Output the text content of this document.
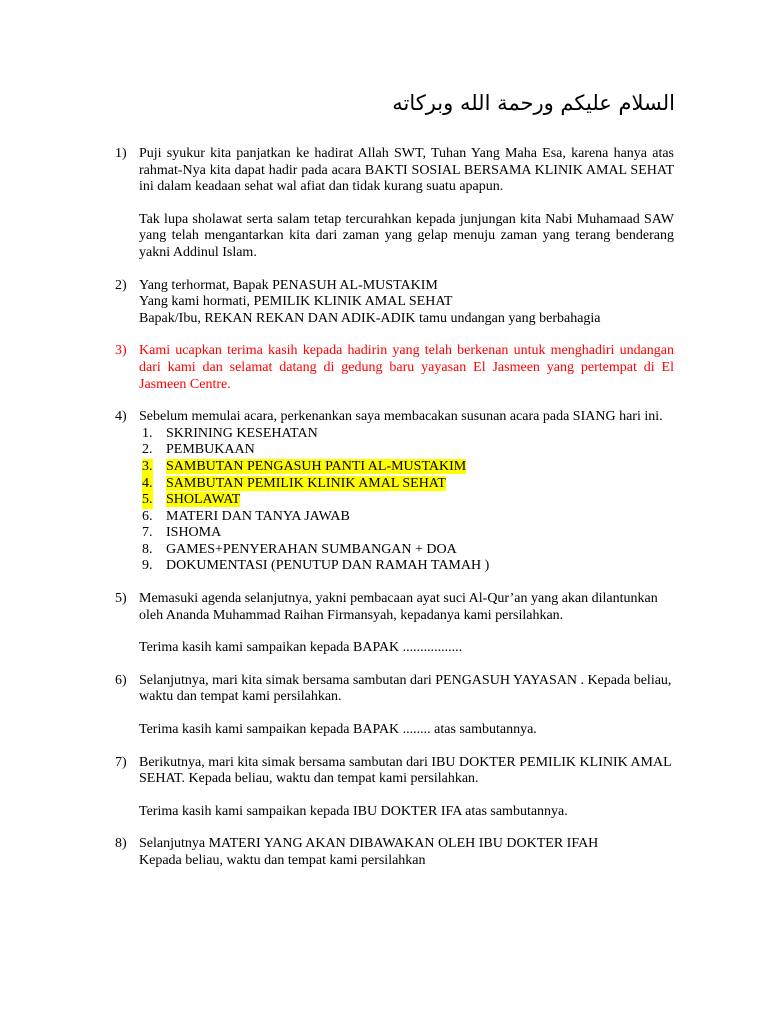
السلام عليكم ورحمة الله وبركاته
1) Puji syukur kita panjatkan ke hadirat Allah SWT, Tuhan Yang Maha Esa, karena hanya atas rahmat-Nya kita dapat hadir pada acara BAKTI SOSIAL BERSAMA KLINIK AMAL SEHAT ini dalam keadaan sehat wal afiat dan tidak kurang suatu apapun.

Tak lupa sholawat serta salam tetap tercurahkan kepada junjungan kita Nabi Muhamaad SAW yang telah mengantarkan kita dari zaman yang gelap menuju zaman yang terang benderang yakni Addinul Islam.

2) Yang terhormat, Bapak PENASUH AL-MUSTAKIM
Yang kami hormati, PEMILIK KLINIK AMAL SEHAT
Bapak/Ibu, REKAN REKAN DAN ADIK-ADIK tamu undangan yang berbahagia
3) Kami ucapkan terima kasih kepada hadirin yang telah berkenan untuk menghadiri undangan dari kami dan selamat datang di gedung baru yayasan El Jasmeen yang pertempat di El Jasmeen Centre.

4) Sebelum memulai acara, perkenankan saya membacakan susunan acara pada SIANG hari ini.
1. SKRINING KESEHATAN
2. PEMBUKAAN
3. SAMBUTAN PENGASUH PANTI AL-MUSTAKIM
4. SAMBUTAN PEMILIK KLINIK AMAL SEHAT
5. SHOLAWAT
6. MATERI DAN TANYA JAWAB
7. ISHOMA
8. GAMES+PENYERAHAN SUMBANGAN + DOA
9. DOKUMENTASI (PENUTUP DAN RAMAH TAMAH )
5) Memasuki agenda selanjutnya, yakni pembacaan ayat suci Al-Qur’an yang akan dilantunkan oleh Ananda Muhammad Raihan Firmansyah, kepadanya kami persilahkan.

Terima kasih kami sampaikan kepada BAPAK .................

6) Selanjutnya, mari kita simak bersama sambutan dari PENGASUH YAYASAN . Kepada beliau, waktu dan tempat kami persilahkan.

Terima kasih kami sampaikan kepada BAPAK ........ atas sambutannya.

7) Berikutnya, mari kita simak bersama sambutan dari IBU DOKTER PEMILIK KLINIK AMAL SEHAT. Kepada beliau, waktu dan tempat kami persilahkan.

Terima kasih kami sampaikan kepada IBU DOKTER IFA atas sambutannya.

8) Selanjutnya MATERI YANG AKAN DIBAWAKAN OLEH IBU DOKTER IFAH
Kepada beliau, waktu dan tempat kami persilahkan
